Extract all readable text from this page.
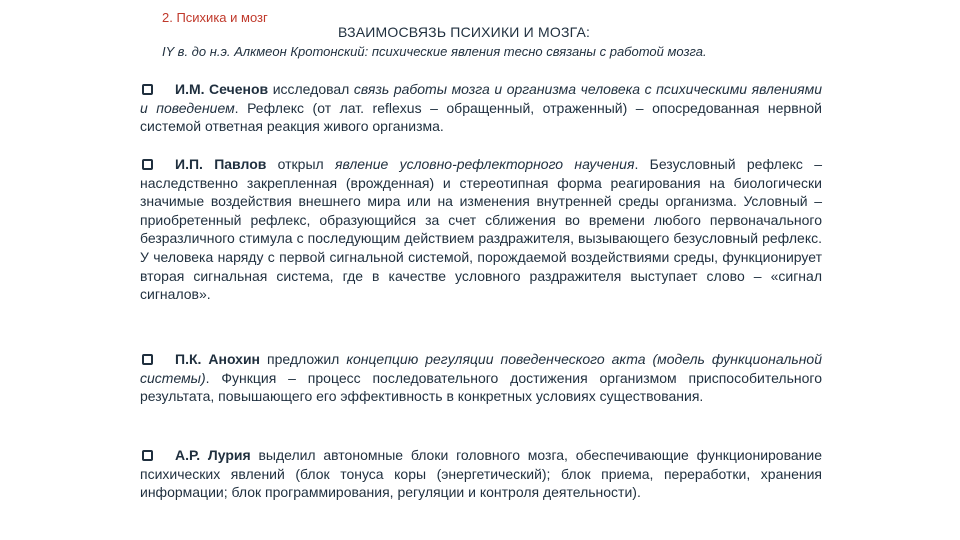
2. Психика и мозг
ВЗАИМОСВЯЗЬ ПСИХИКИ И МОЗГА:
IY в. до н.э. Алкмеон Кротонский: психические явления тесно связаны с работой мозга.
И.М. Сеченов исследовал связь работы мозга и организма человека с психическими явлениями и поведением. Рефлекс (от лат. reflexus – обращенный, отраженный) – опосредованная нервной системой ответная реакция живого организма.
И.П. Павлов открыл явление условно-рефлекторного научения. Безусловный рефлекс – наследственно закрепленная (врожденная) и стереотипная форма реагирования на биологически значимые воздействия внешнего мира или на изменения внутренней среды организма. Условный – приобретенный рефлекс, образующийся за счет сближения во времени любого первоначального безразличного стимула с последующим действием раздражителя, вызывающего безусловный рефлекс. У человека наряду с первой сигнальной системой, порождаемой воздействиями среды, функционирует вторая сигнальная система, где в качестве условного раздражителя выступает слово – «сигнал сигналов».
П.К. Анохин предложил концепцию регуляции поведенческого акта (модель функциональной системы). Функция – процесс последовательного достижения организмом приспособительного результата, повышающего его эффективность в конкретных условиях существования.
А.Р. Лурия выделил автономные блоки головного мозга, обеспечивающие функционирование психических явлений (блок тонуса коры (энергетический); блок приема, переработки, хранения информации; блок программирования, регуляции и контроля деятельности).
